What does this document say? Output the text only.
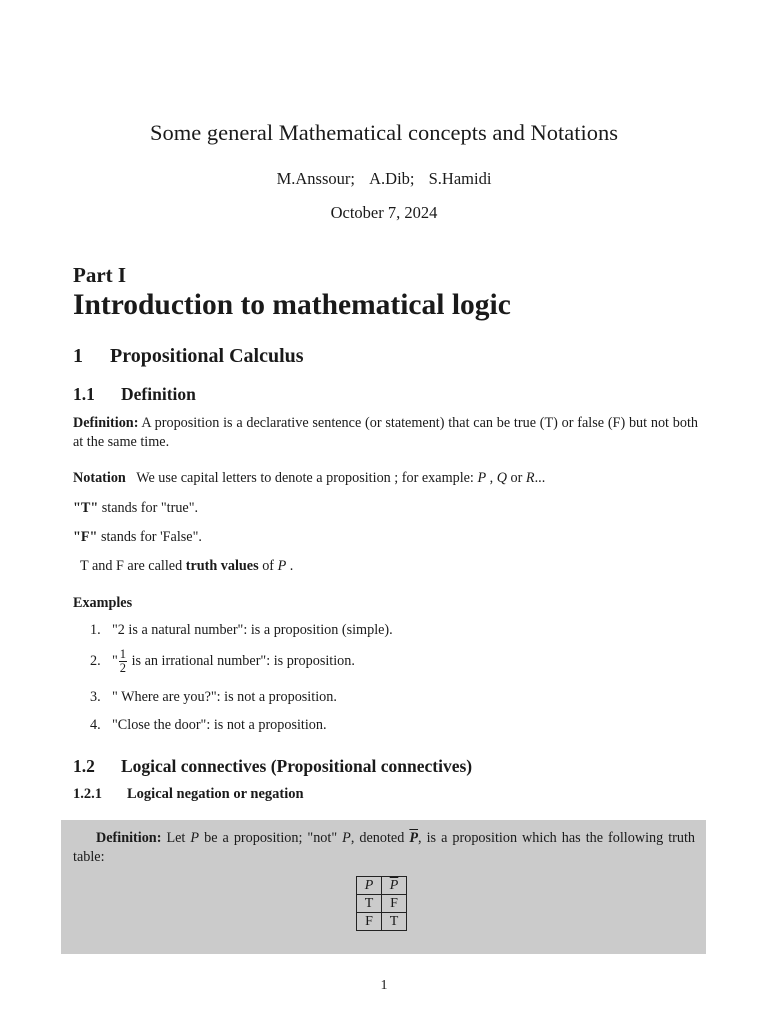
Some general Mathematical concepts and Notations
M.Anssour; A.Dib; S.Hamidi
October 7, 2024
Part I
Introduction to mathematical logic
1 Propositional Calculus
1.1 Definition
Definition: A proposition is a declarative sentence (or statement) that can be true (T) or false (F) but not both at the same time.
Notation We use capital letters to denote a proposition ; for example: P , Q or R...
"T" stands for "true".
"F" stands for 'False".
T and F are called truth values of P .
Examples
1. "2 is a natural number": is a proposition (simple).
2. " $\frac{1}{2}$ is an irrational number": is proposition.
3. " Where are you?": is not a proposition.
4. "Close the door": is not a proposition.
1.2 Logical connectives (Propositional connectives)
1.2.1 Logical negation or negation
Definition: Let P be a proposition; "not" P, denoted $\overline{P}$, is a proposition which has the following truth table:
P	$\overline{P}$
T	F
F	T
1
